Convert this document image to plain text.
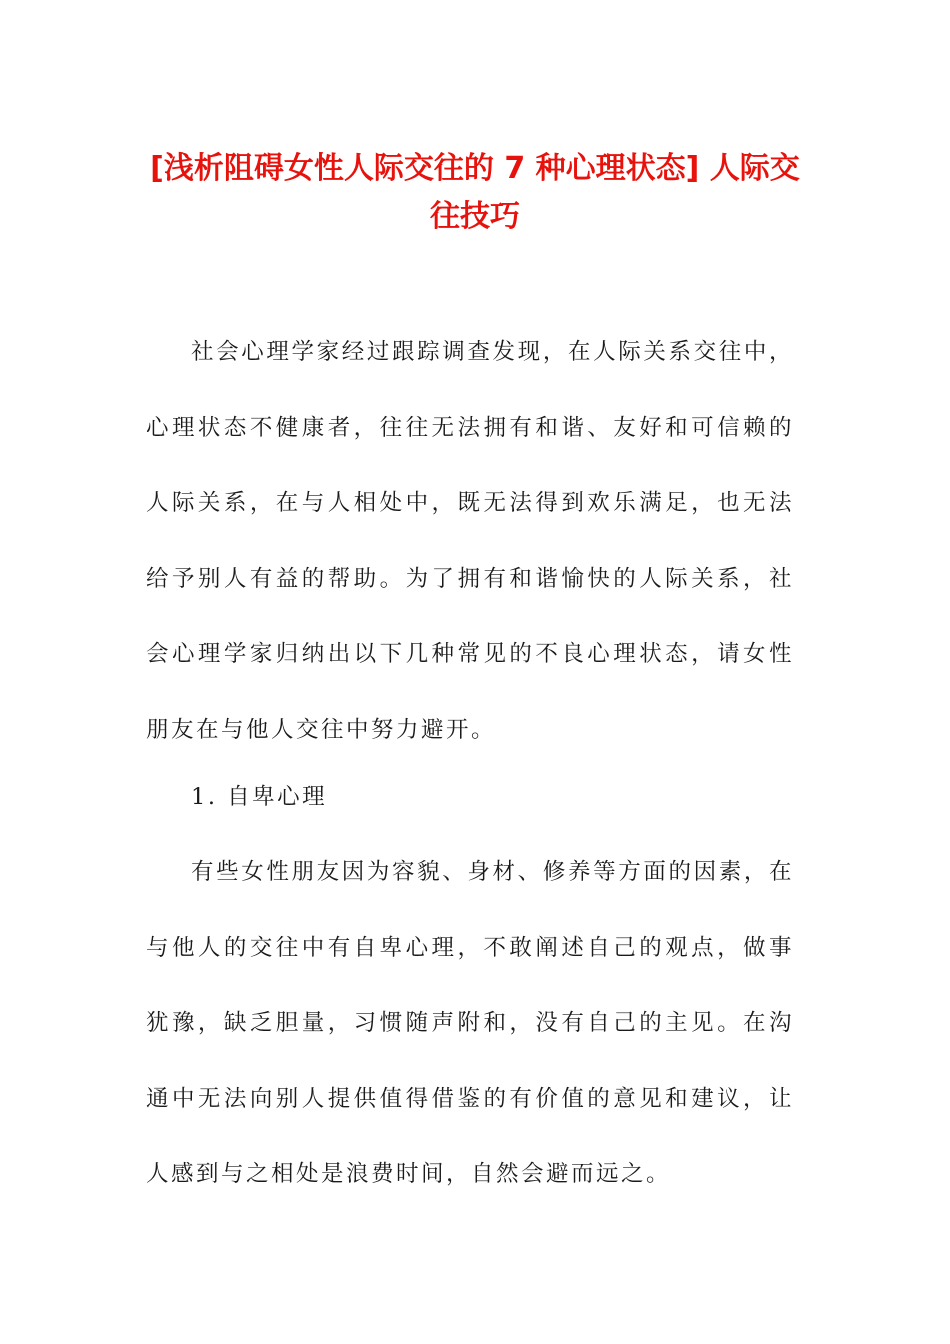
[浅析阻碍女性人际交往的 7 种心理状态] 人际交往技巧

社会心理学家经过跟踪调查发现，在人际关系交往中，心理状态不健康者，往往无法拥有和谐、友好和可信赖的人际关系，在与人相处中，既无法得到欢乐满足，也无法给予别人有益的帮助。为了拥有和谐愉快的人际关系，社会心理学家归纳出以下几种常见的不良心理状态，请女性朋友在与他人交往中努力避开。

1. 自卑心理

有些女性朋友因为容貌、身材、修养等方面的因素，在与他人的交往中有自卑心理，不敢阐述自己的观点，做事犹豫，缺乏胆量，习惯随声附和，没有自己的主见。在沟通中无法向别人提供值得借鉴的有价值的意见和建议，让人感到与之相处是浪费时间，自然会避而远之。
